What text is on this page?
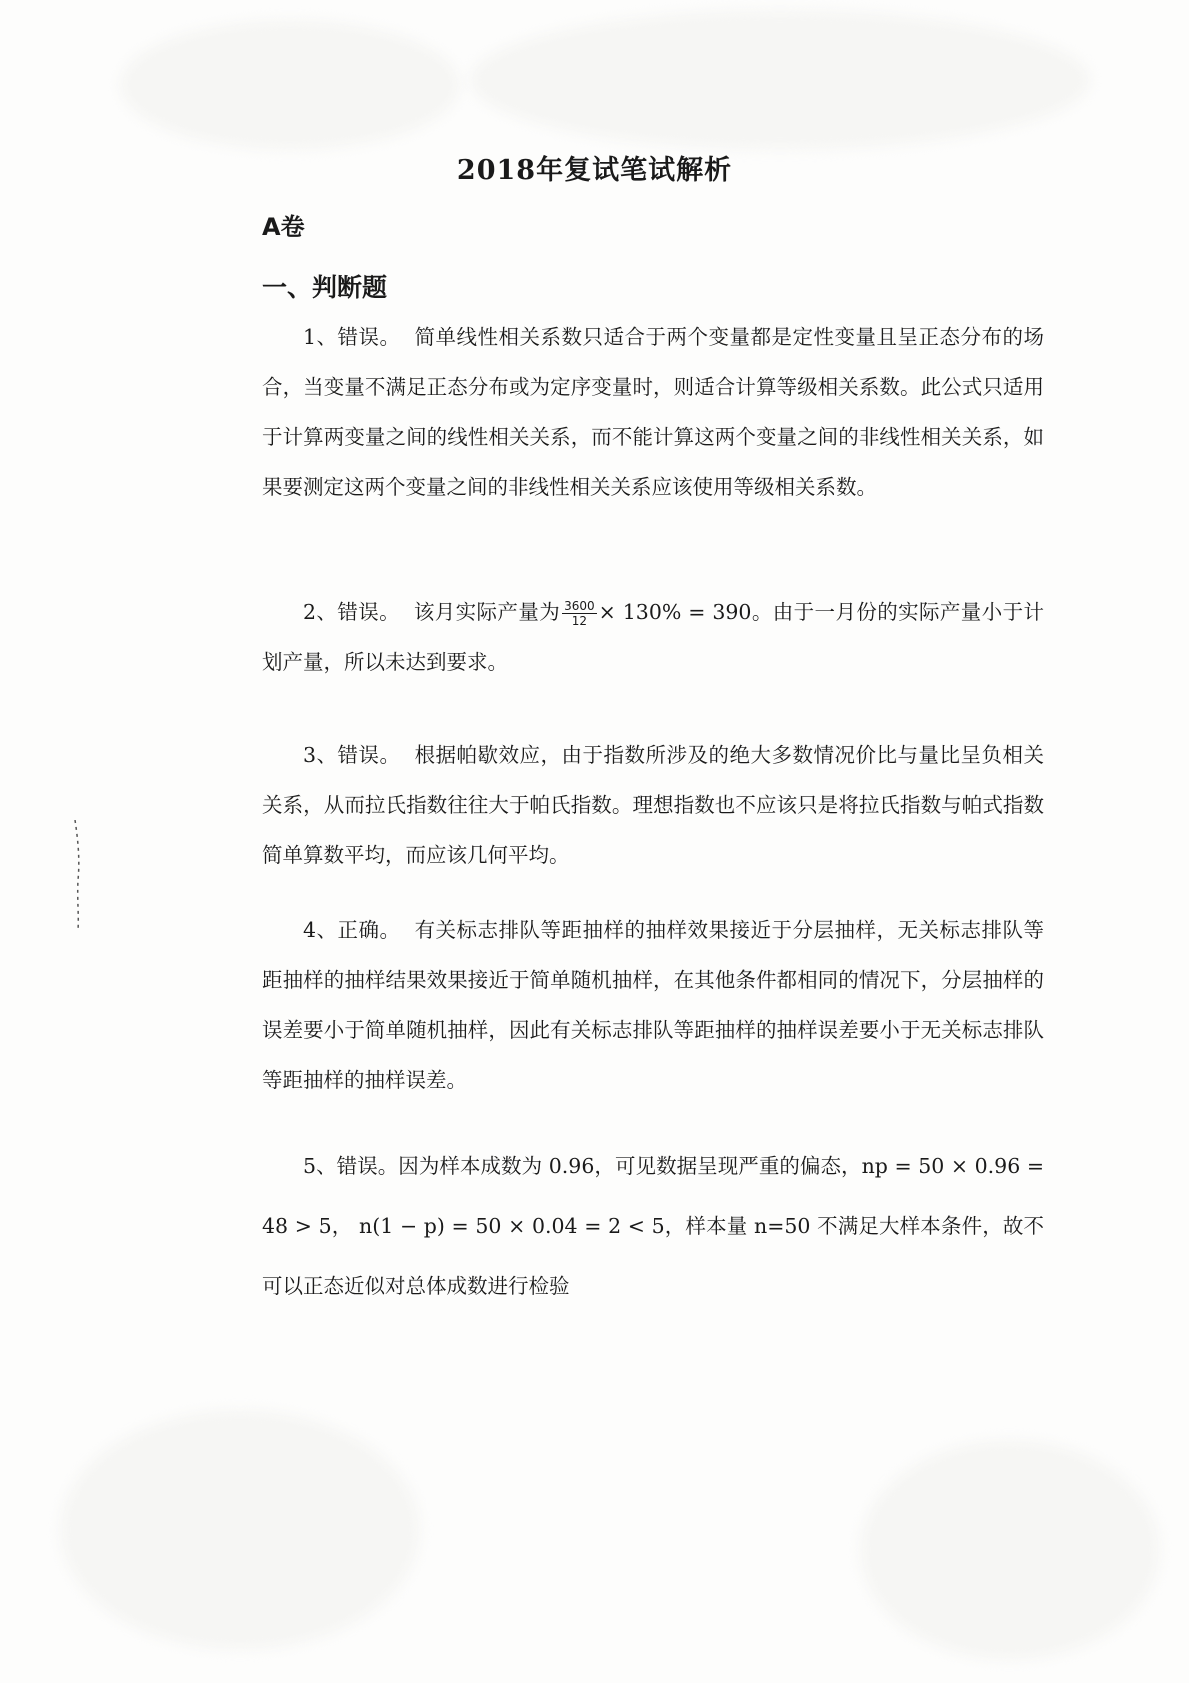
2018年复试笔试解析
A卷
一、判断题

1、错误。 简单线性相关系数只适合于两个变量都是定性变量且呈正态分布的场合，当变量不满足正态分布或为定序变量时，则适合计算等级相关系数。此公式只适用于计算两变量之间的线性相关关系，而不能计算这两个变量之间的非线性相关关系，如果要测定这两个变量之间的非线性相关关系应该使用等级相关系数。

2、错误。 该月实际产量为 $\frac{3600}{12} \times 130\% = 390$。由于一月份的实际产量小于计划产量，所以未达到要求。

3、错误。 根据帕歇效应，由于指数所涉及的绝大多数情况价比与量比呈负相关关系，从而拉氏指数往往大于帕氏指数。理想指数也不应该只是将拉氏指数与帕式指数简单算数平均，而应该几何平均。

4、正确。 有关标志排队等距抽样的抽样效果接近于分层抽样，无关标志排队等距抽样的抽样结果效果接近于简单随机抽样，在其他条件都相同的情况下，分层抽样的误差要小于简单随机抽样，因此有关标志排队等距抽样的抽样误差要小于无关标志排队等距抽样的抽样误差。

5、错误。因为样本成数为 0.96，可见数据呈现严重的偏态，np = 50 × 0.96 = 48 > 5， n(1 − p) = 50 × 0.04 = 2 < 5，样本量 n=50 不满足大样本条件，故不可以正态近似对总体成数进行检验
